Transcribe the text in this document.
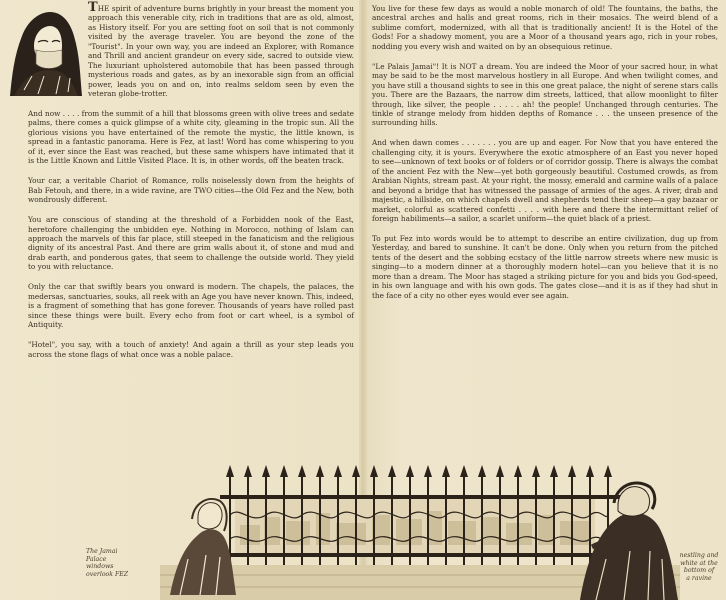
THE spirit of adventure burns brightly in your breast the moment you approach this venerable city, rich in traditions that are as old, almost, as History itself. For you are setting foot on soil that is not commonly visited by the average traveler. You are beyond the zone of the "Tourist". In your own way, you are indeed an Explorer, with Romance and Thrill and ancient grandeur on every side, sacred to outside view. The luxuriant upholstered automobile that has been passed through mysterious roads and gates, as by an inexorable sign from an official power, leads you on and on, into realms seldom seen by even the veteran globe-trotter.

And now . . . . from the summit of a hill that blossoms green with olive trees and sedate palms, there comes a quick glimpse of a white city, gleaming in the tropic sun. All the glorious visions you have entertained of the remote the mystic, the little known, is spread in a fantastic panorama. Here is Fez, at last! Word has come whispering to you of it, ever since the East was reached, but these same whispers have intimated that it is the Little Known and Little Visited Place. It is, in other words, off the beaten track.

Your car, a veritable Chariot of Romance, rolls noiselessly down from the heights of Bab Fetouh, and there, in a wide ravine, are TWO cities—the Old Fez and the New, both wondrously different.

You are conscious of standing at the threshold of a Forbidden nook of the East, heretofore challenging the unbidden eye. Nothing in Morocco, nothing of Islam can approach the marvels of this far place, still steeped in the fanaticism and the religious dignity of its ancestral Past. And there are grim walls about it, of stone and mud and drab earth, and ponderous gates, that seem to challenge the outside world. They yield to you with reluctance.

Only the car that swiftly bears you onward is modern. The chapels, the palaces, the medersas, sanctuaries, souks, all reek with an Age you have never known. This, indeed, is a fragment of something that has gone forever. Thousands of years have rolled past since these things were built. Every echo from foot or cart wheel, is a symbol of Antiquity.

"Hotel", you say, with a touch of anxiety! And again a thrill as your step leads you across the stone flags of what once was a noble palace.

You live for these few days as would a noble monarch of old! The fountains, the baths, the ancestral arches and halls and great rooms, rich in their mosaics. The weird blend of a sublime comfort, modernized, with all that is traditionally ancient! It is the Hotel of the Gods! For a shadowy moment, you are a Moor of a thousand years ago, rich in your robes, nodding you every wish and waited on by an obsequious retinue.

"Le Palais Jamai"! It is NOT a dream. You are indeed the Moor of your sacred hour, in what may be said to be the most marvelous hostlery in all Europe. And when twilight comes, and you have still a thousand sights to see in this one great palace, the night of serene stars calls you. There are the Bazaars, the narrow dim streets, latticed, that allow moonlight to filter through, like silver, the people . . . . . ah! the people! Unchanged through centuries. The tinkle of strange melody from hidden depths of Romance . . . the unseen presence of the surrounding hills.

And when dawn comes . . . . . . . you are up and eager. For Now that you have entered the challenging city, it is yours. Everywhere the exotic atmosphere of an East you never hoped to see—unknown of text books or of folders or of corridor gossip. There is always the combat of the ancient Fez with the New—yet both gorgeously beautiful. Costumed crowds, as from Arabian Nights, stream past. At your right, the mossy, emerald and carmine walls of a palace and beyond a bridge that has witnessed the passage of armies of the ages. A river, drab and majestic, a hillside, on which chapels dwell and shepherds tend their sheep—a gay bazaar or market, colorful as scattered confetti . . . . with here and there the intermittant relief of foreign habiliments—a sailor, a scarlet uniform—the quiet black of a priest.

To put Fez into words would be to attempt to describe an entire civilization, dug up from Yesterday, and bared to sunshine. It can't be done. Only when you return from the pitched tents of the desert and the sobbing ecstacy of the little narrow streets where new music is singing—to a modern dinner at a thoroughly modern hotel—can you believe that it is no more than a dream. The Moor has staged a striking picture for you and bids you God-speed, in his own language and with his own gods. The gates close—and it is as if they had shut in the face of a city no other eyes would ever see again.

The Jamai
Palace
windows
overlook FEZ
nestling and
white at the
bottom of
a ravine
